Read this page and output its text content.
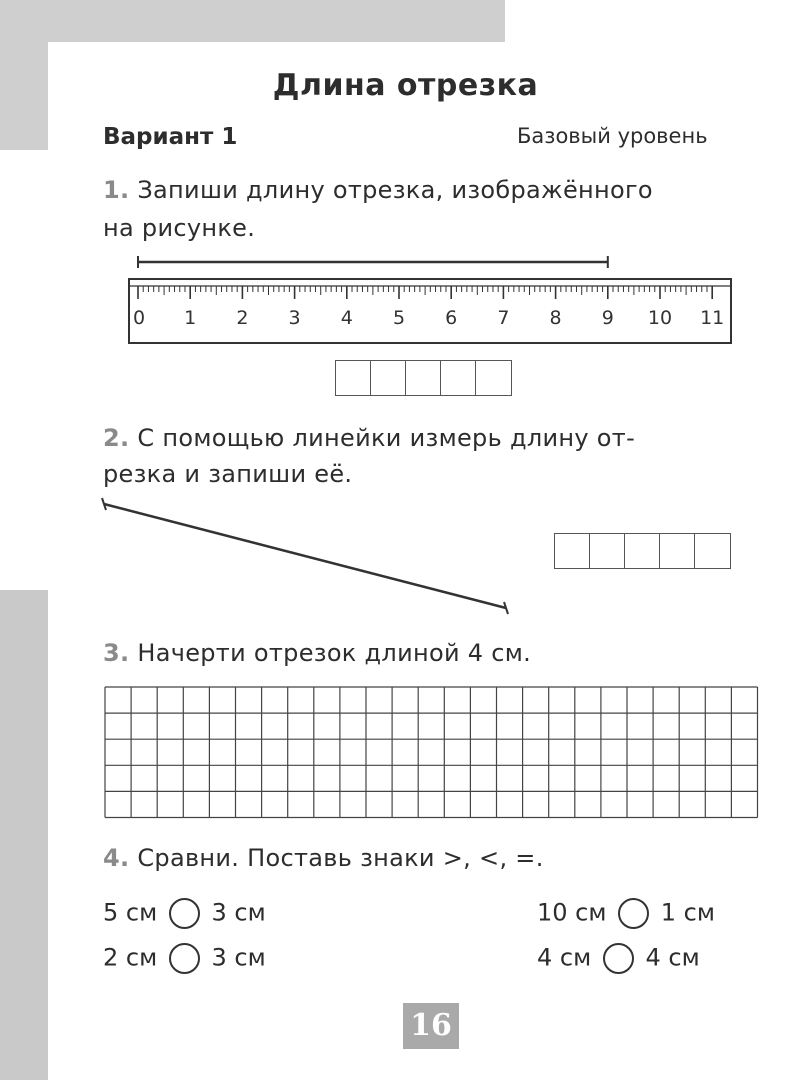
Длина отрезка
Вариант 1	Базовый уровень
1. Запиши длину отрезка, изображённого
на рисунке.
0 1 2 3 4 5 6 7 8 9 10 11
2. С помощью линейки измерь длину от-
резка и запиши её.
3. Начерти отрезок длиной 4 см.
4. Сравни. Поставь знаки >, <, =.
5 см 3 см
2 см 3 см
10 см 1 см
4 см 4 см
16
